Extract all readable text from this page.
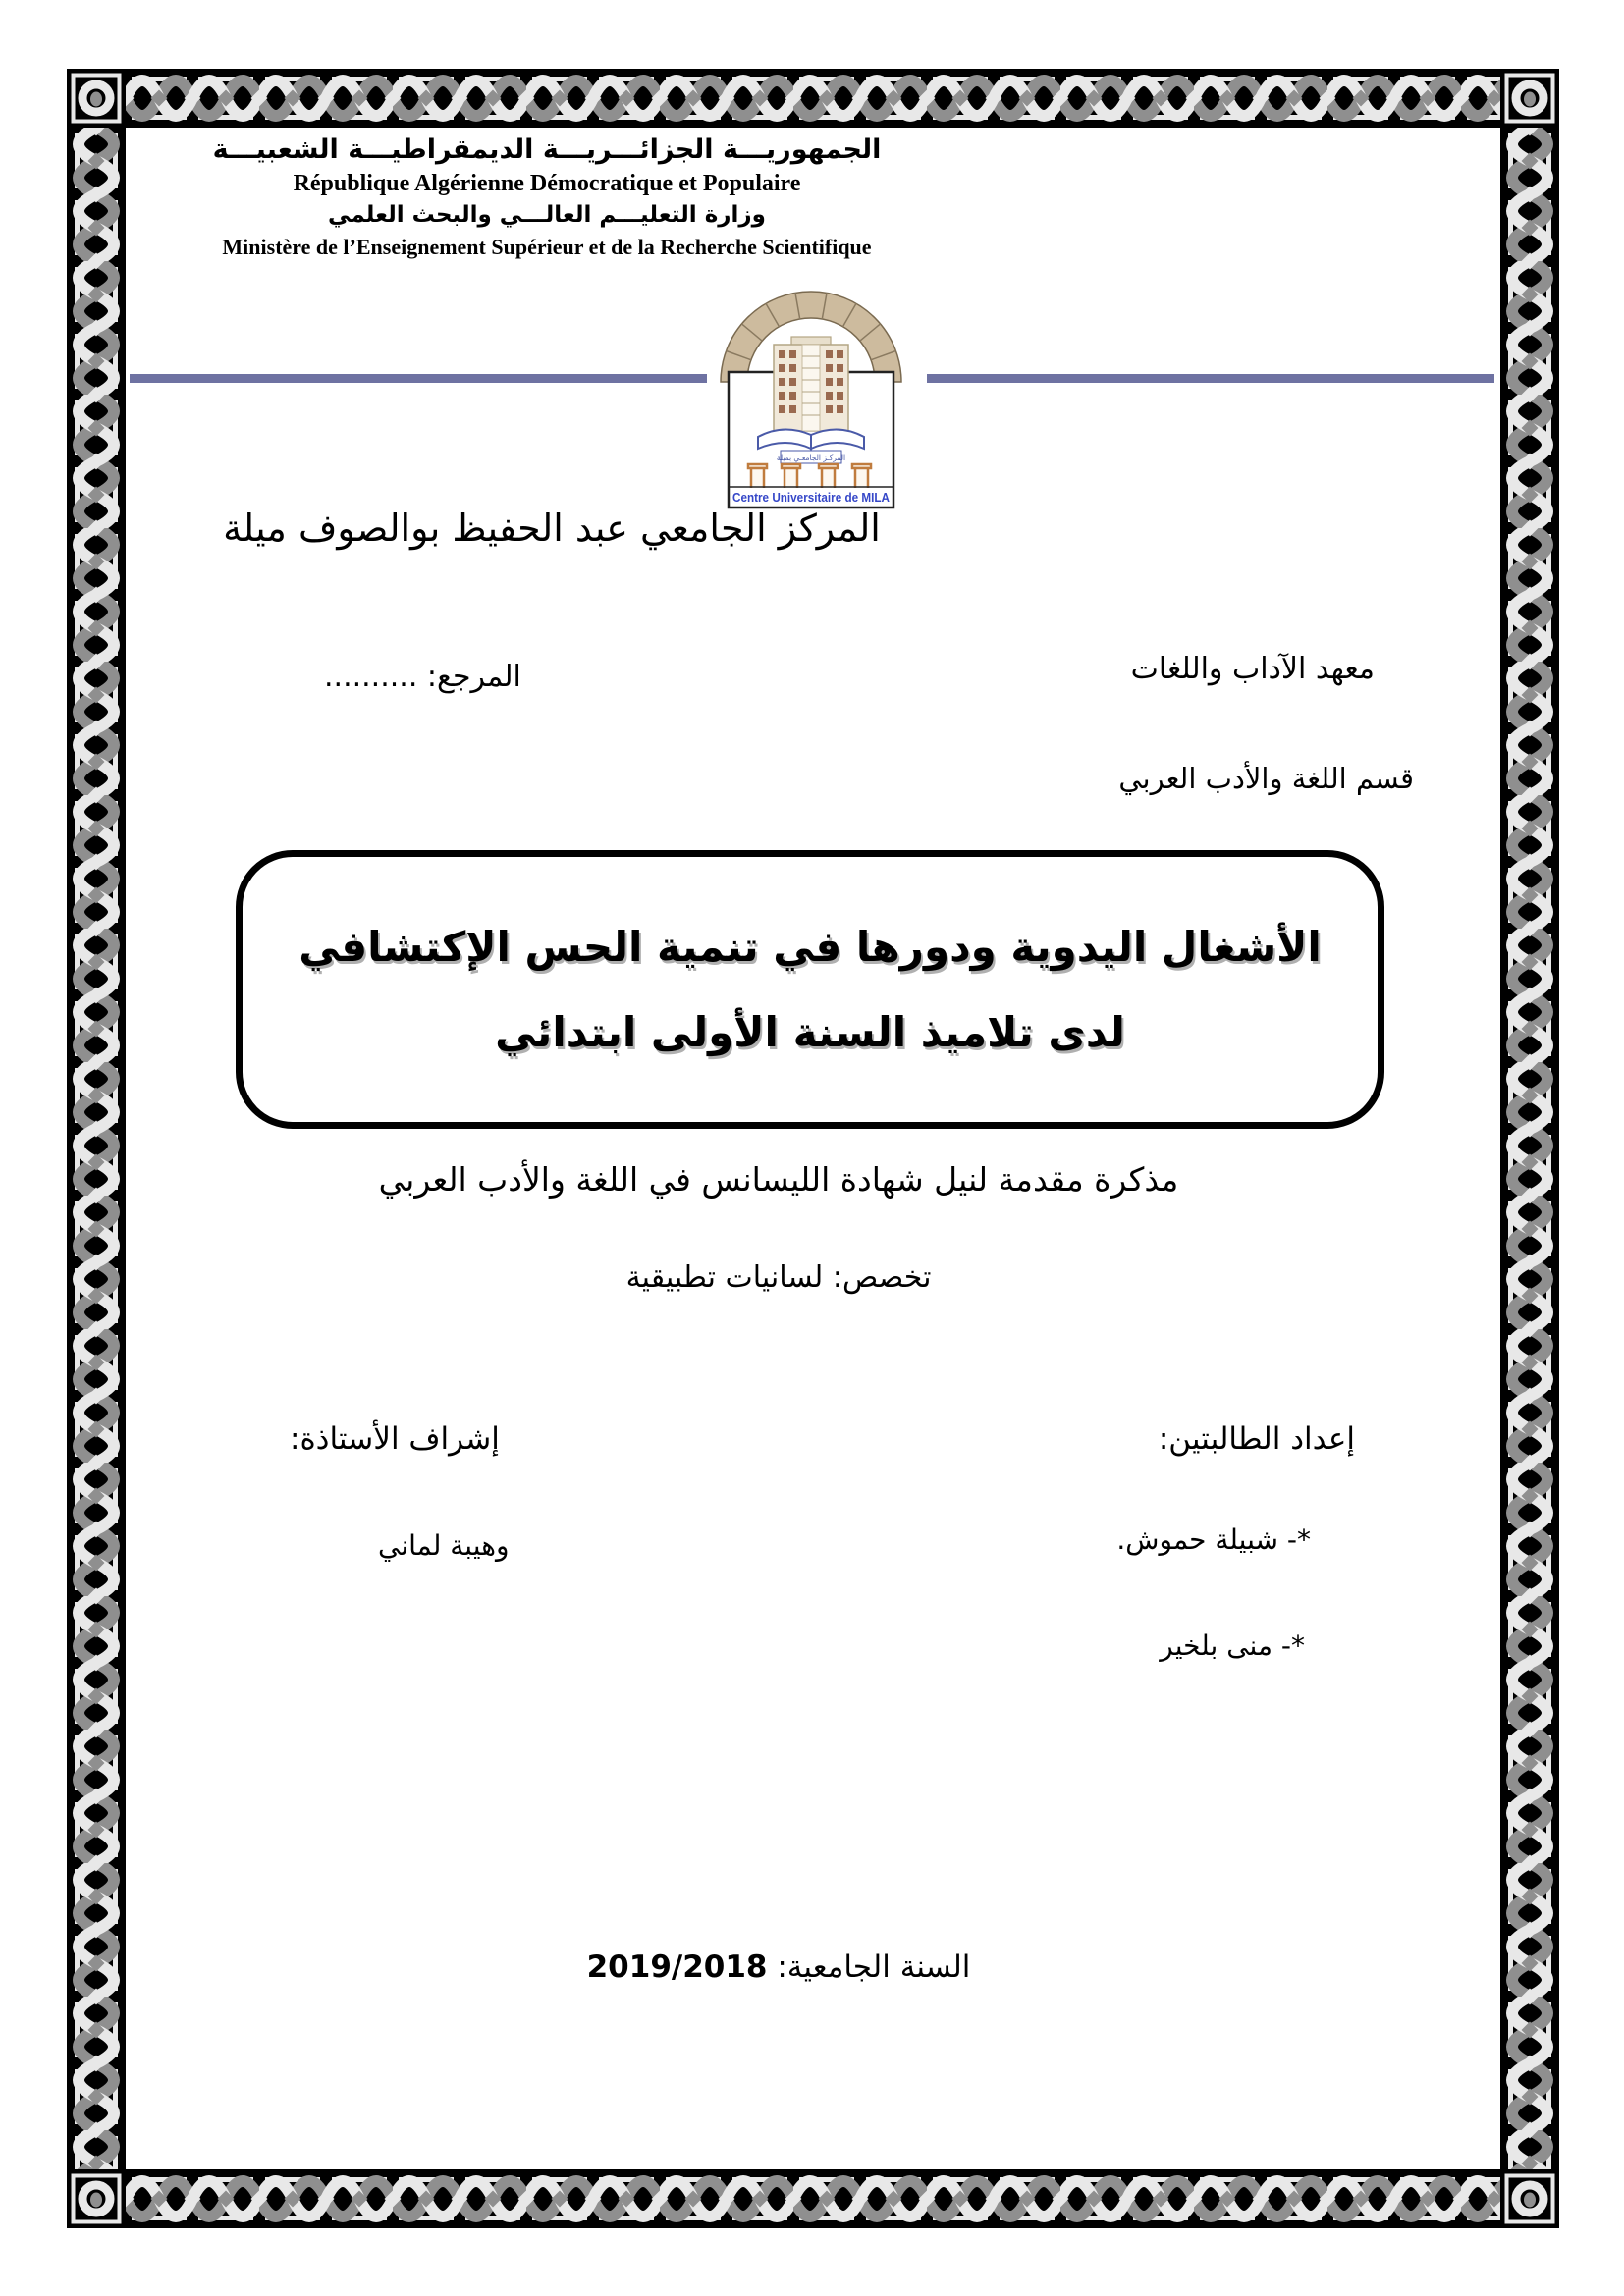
الجمهوريـــة الجزائـــريـــة الديمقراطيـــة الشعبيـــة
République Algérienne Démocratique et Populaire
وزارة التعليـــم العالـــي والبحث العلمي
Ministère de l’Enseignement Supérieur et de la Recherche Scientifique
المركـز الجامعـي بميلة
Centre Universitaire de MILA
المركز الجامعي عبد الحفيظ بوالصوف ميلة
معهد الآداب واللغات
المرجع: ..........
قسم اللغة والأدب العربي
الأشغال اليدوية ودورها في تنمية الحس الإكتشافي
لدى تلاميذ السنة الأولى ابتدائي
مذكرة مقدمة لنيل شهادة الليسانس في اللغة والأدب العربي
تخصص: لسانيات تطبيقية
إعداد الطالبتين:
إشراف الأستاذة:
*- شبيلة حموش.
وهيبة لماني
*- منى بلخير
السنة الجامعية: 2019/2018
